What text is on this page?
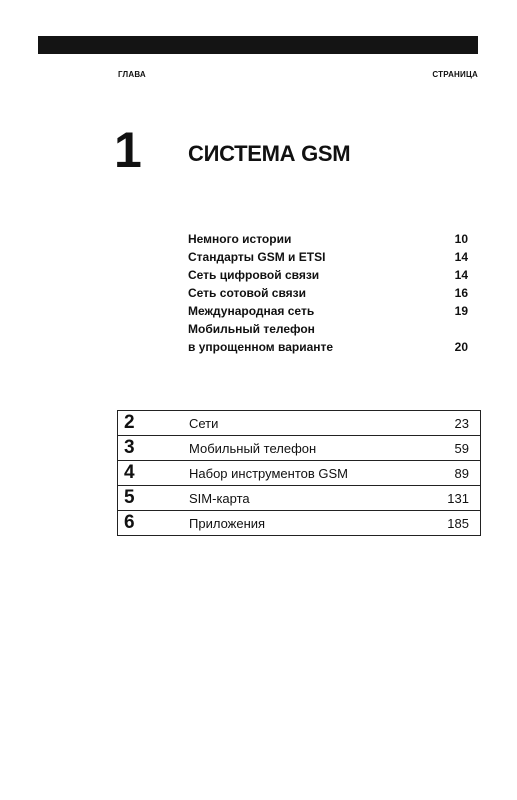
ГЛАВА	СТРАНИЦА
1 СИСТЕМА GSM
Немного истории	10
Стандарты GSM и ETSI	14
Сеть цифровой связи	14
Сеть сотовой связи	16
Международная сеть	19
Мобильный телефон
в упрощенном варианте	20
2	Сети	23
3	Мобильный телефон	59
4	Набор инструментов GSM	89
5	SIM-карта	131
6	Приложения	185
